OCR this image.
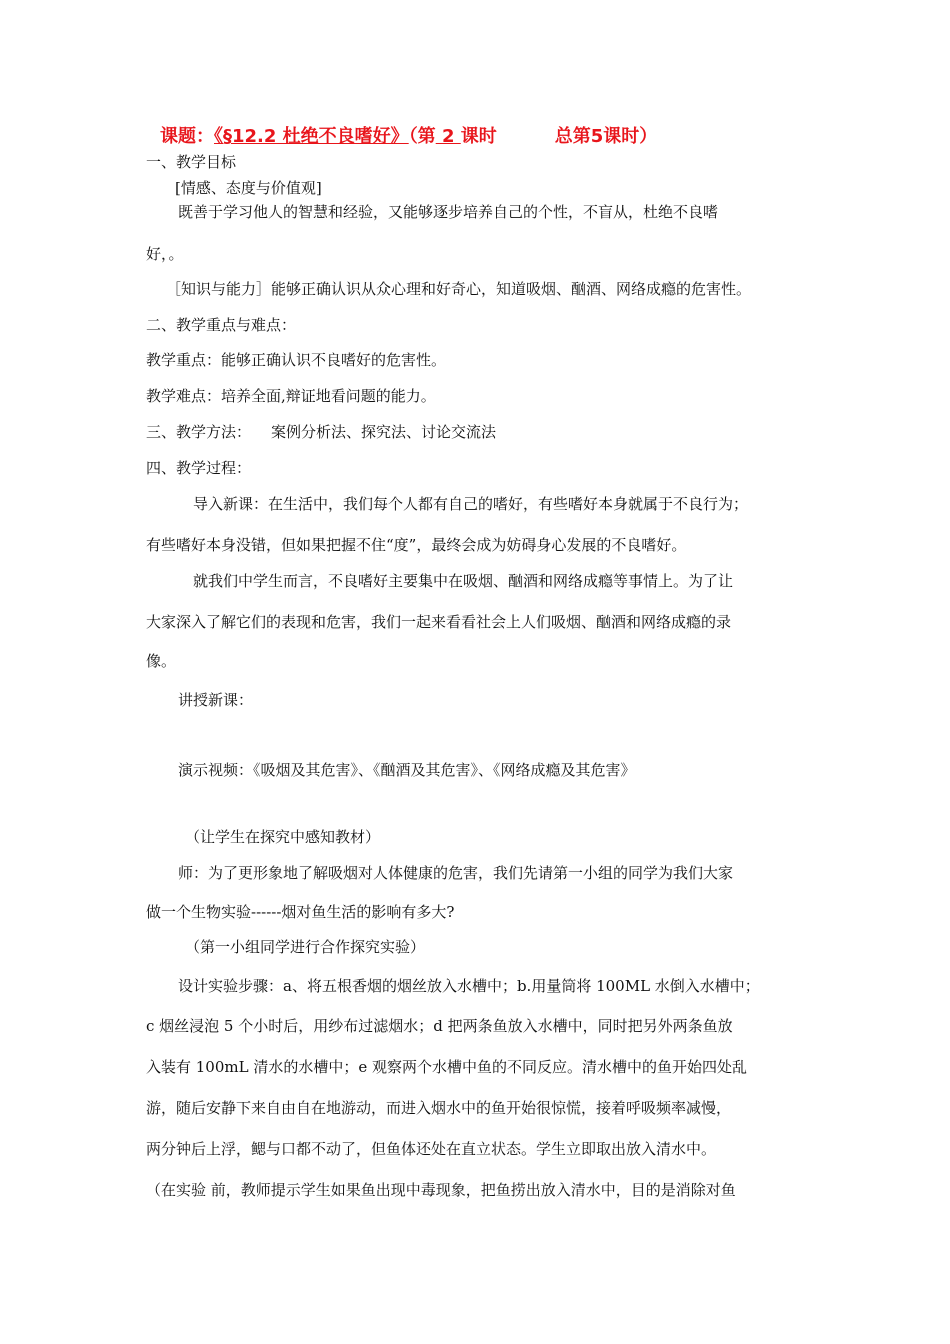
课题：《§12.2 杜绝不良嗜好》（第 2 课时	总第5课时）
一、教学目标
[情感、态度与价值观]
既善于学习他人的智慧和经验，又能够逐步培养自己的个性，不盲从，杜绝不良嗜
好，。
［知识与能力］能够正确认识从众心理和好奇心，知道吸烟、酗酒、网络成瘾的危害性。
二、教学重点与难点：
教学重点：能够正确认识不良嗜好的危害性。
教学难点：培养全面,辩证地看问题的能力。
三、教学方法： 案例分析法、探究法、讨论交流法
四、教学过程：
导入新课：在生活中，我们每个人都有自己的嗜好，有些嗜好本身就属于不良行为；
有些嗜好本身没错，但如果把握不住“度”，最终会成为妨碍身心发展的不良嗜好。
就我们中学生而言，不良嗜好主要集中在吸烟、酗酒和网络成瘾等事情上。为了让
大家深入了解它们的表现和危害，我们一起来看看社会上人们吸烟、酗酒和网络成瘾的录
像。
讲授新课：
演示视频：《吸烟及其危害》、《酗酒及其危害》、《网络成瘾及其危害》
（让学生在探究中感知教材）
师：为了更形象地了解吸烟对人体健康的危害，我们先请第一小组的同学为我们大家
做一个生物实验------烟对鱼生活的影响有多大?
（第一小组同学进行合作探究实验）
设计实验步骤：a、将五根香烟的烟丝放入水槽中；b.用量筒将 100ML 水倒入水槽中；
c 烟丝浸泡 5 个小时后，用纱布过滤烟水；d 把两条鱼放入水槽中，同时把另外两条鱼放
入装有 100mL 清水的水槽中；e 观察两个水槽中鱼的不同反应。清水槽中的鱼开始四处乱
游，随后安静下来自由自在地游动，而进入烟水中的鱼开始很惊慌，接着呼吸频率减慢，
两分钟后上浮，鳃与口都不动了，但鱼体还处在直立状态。学生立即取出放入清水中。
（在实验 前，教师提示学生如果鱼出现中毒现象，把鱼捞出放入清水中，目的是消除对鱼
